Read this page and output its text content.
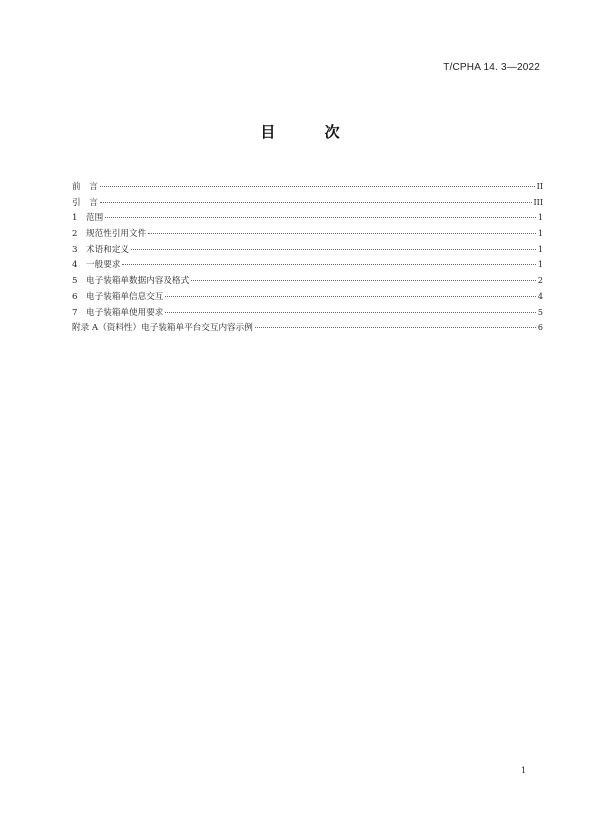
T/CPHA 14. 3—2022
目 次
前　言	II
引　言	III
1　范围	1
2　规范性引用文件	1
3　术语和定义	1
4　一般要求	1
5　电子装箱单数据内容及格式	2
6　电子装箱单信息交互	4
7　电子装箱单使用要求	5
附录 A（资料性）电子装箱单平台交互内容示例	6
1
